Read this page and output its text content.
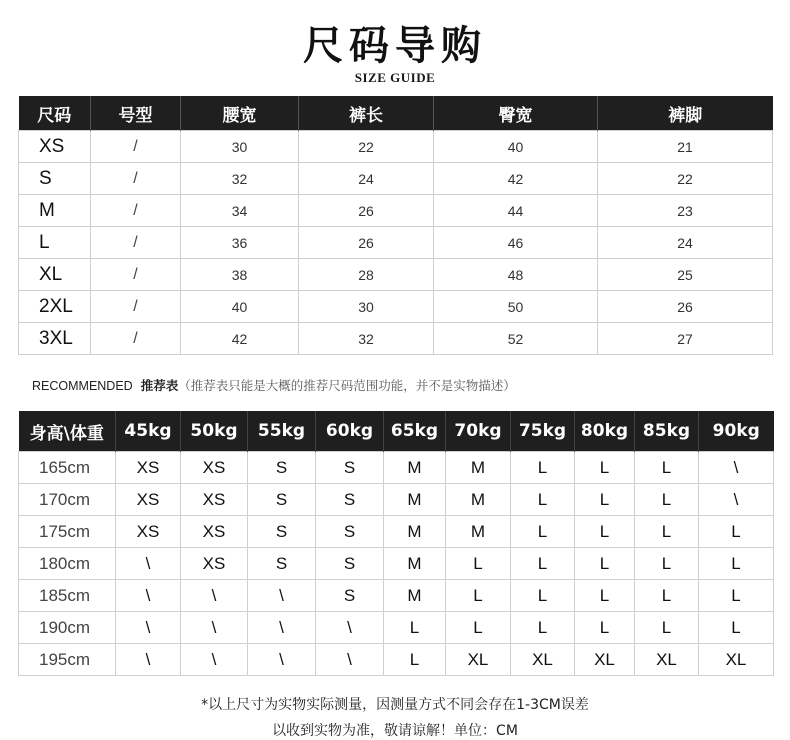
尺码导购
SIZE GUIDE
尺码	号型	腰宽	裤长	臀宽	裤脚
XS	/	30	22	40	21
S	/	32	24	42	22
M	/	34	26	44	23
L	/	36	26	46	24
XL	/	38	28	48	25
2XL	/	40	30	50	26
3XL	/	42	32	52	27
RECOMMENDED 推荐表（推荐表只能是大概的推荐尺码范围功能，并不是实物描述）
身高\体重	45kg	50kg	55kg	60kg	65kg	70kg	75kg	80kg	85kg	90kg
165cm	XS	XS	S	S	M	M	L	L	L	\
170cm	XS	XS	S	S	M	M	L	L	L	\
175cm	XS	XS	S	S	M	M	L	L	L	L
180cm	\	XS	S	S	M	L	L	L	L	L
185cm	\	\	\	S	M	L	L	L	L	L
190cm	\	\	\	\	L	L	L	L	L	L
195cm	\	\	\	\	L	XL	XL	XL	XL	XL
*以上尺寸为实物实际测量，因测量方式不同会存在1-3CM误差
以收到实物为准，敬请谅解！单位：CM
